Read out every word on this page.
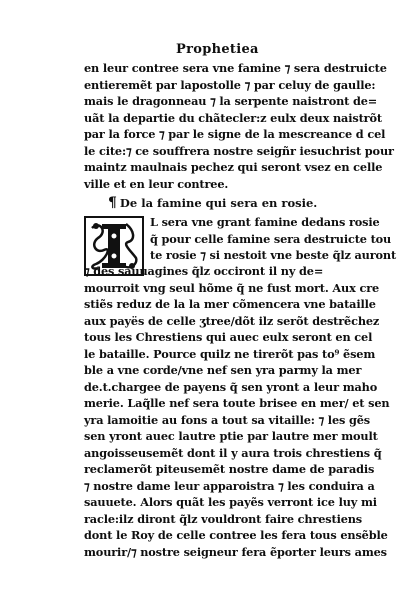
Prophetiea
en leur contree sera vne famine ⁊ sera destruicte
entieremẽt par lapostolle ⁊ par celuy de gaulle:
mais le dragonneau ⁊ la serpente naistront de=
uãt la departie du chãtecler:z eulx deux naistrõt
par la force ⁊ par le signe de la mescreance d cel
le cite:⁊ ce souffrera nostre seigñr iesuchrist pour
maintz maulnais pechez qui seront vsez en celle
ville et en leur contree.
¶ De la famine qui sera en rosie.
L sera vne grant famine dedans rosie
q̃ pour celle famine sera destruicte tou
te rosie ⁊ si nestoit vne beste q̃lz auront
⁊ des sauuagines q̃lz occiront il ny de=
mourroit vng seul hõme q̃ ne fust mort. Aux cre
stiẽs reduz de la la mer cõmencera vne bataille
aux payës de celle ʒtree/dõt ilz serõt destrẽchez
tous les Chrestiens qui auec eulx seront en cel
le bataille. Pource quilz ne tirerõt pas to⁹ ẽsem
ble a vne corde/vne nef sen yra parmy la mer
de.t.chargee de payens q̃ sen yront a leur maho
merie. Laq̃lle nef sera toute brisee en mer/ et sen
yra lamoitie au fons a tout sa vitaille: ⁊ les gẽs
sen yront auec lautre ptie par lautre mer moult
angoisseusemẽt dont il y aura trois chrestiens q̃
reclamerõt piteusemẽt nostre dame de paradis
⁊ nostre dame leur apparoistra ⁊ les conduira a
sauuete. Alors quãt les payẽs verront ice luy mi
racle:ilz diront q̃lz vouldront faire chrestiens
dont le Roy de celle contree les fera tous ensẽble
mourir/⁊ nostre seigneur fera ẽporter leurs ames
